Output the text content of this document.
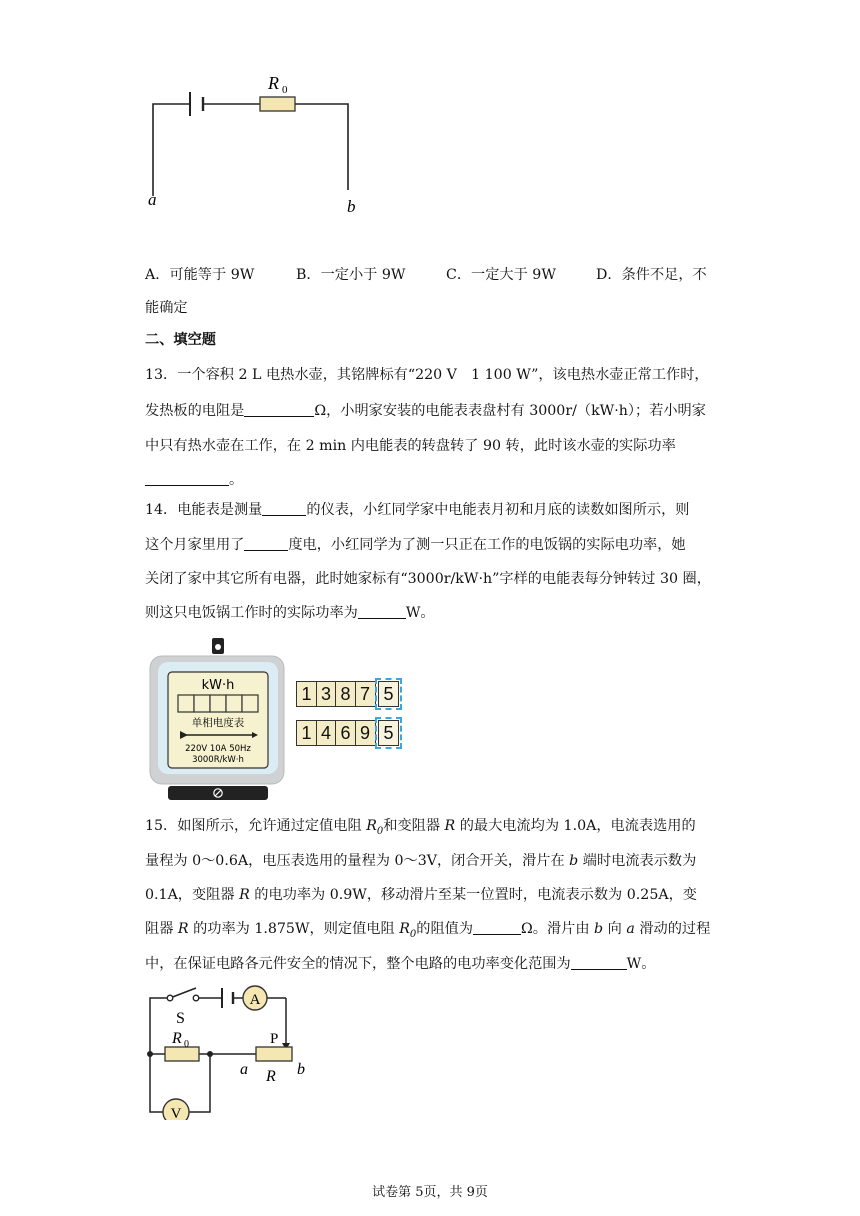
R 0
a	b
A．可能等于 9W	B．一定小于 9W	C．一定大于 9W	D．条件不足，不
能确定
二、填空题
13．一个容积 2 L 电热水壶，其铭牌标有“220 V　1 100 W”，该电热水壶正常工作时，
发热板的电阻是	Ω，小明家安装的电能表表盘村有 3000r/（kW·h）；若小明家
中只有热水壶在工作，在 2 min 内电能表的转盘转了 90 转，此时该水壶的实际功率
。
14．电能表是测量	的仪表，小红同学家中电能表月初和月底的读数如图所示，则
这个月家里用了	度电，小红同学为了测一只正在工作的电饭锅的实际电功率，她
关闭了家中其它所有电器，此时她家标有“3000r/kW·h”字样的电能表每分钟转过 30 圈，
则这只电饭锅工作时的实际功率为	W。
kW·h
单相电度表
220V 10A 50Hz
3000R/kW·h
1 3 8 7 5
1 4 6 9 5
15．如图所示，允许通过定值电阻 $R_0$和变阻器 R 的最大电流均为 1.0A，电流表选用的
量程为 0～0.6A，电压表选用的量程为 0～3V，闭合开关，滑片在 b 端时电流表示数为
0.1A，变阻器 R 的电功率为 0.9W，移动滑片至某一位置时，电流表示数为 0.25A，变
阻器 R 的功率为 1.875W，则定值电阻 $R_0$的阻值为	Ω。滑片由 b 向 a 滑动的过程
中，在保证电路各元件安全的情况下，整个电路的电功率变化范围为	W。
A
V
S
R 0	P
a R b
试卷第 5页，共 9页
